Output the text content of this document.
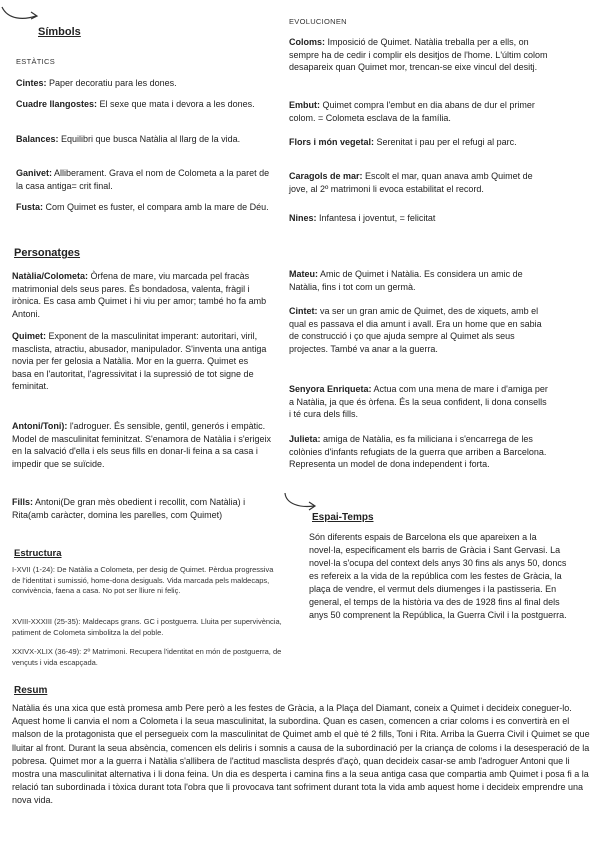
Símbols
ESTÀTICS
Cintes: Paper decoratiu para les dones.
Cuadre llangostes: El sexe que mata i devora a les dones.
Balances: Equilibri que busca Natàlia al llarg de la vida.
Ganivet: Alliberament. Grava el nom de Colometa a la paret de la casa antiga= crit final.
Fusta: Com Quimet es fuster, el compara amb la mare de Déu.
EVOLUCIONEN
Coloms: Imposició de Quimet. Natàlia treballa per a ells, on sempre ha de cedir i complir els desitjos de l'home. L'últim colom desapareix quan Quimet mor, trencan-se eixe vincul del desitj.
Embut: Quimet compra l'embut en dia abans de dur el primer colom. = Colometa esclava de la família.
Flors i món vegetal: Serenitat i pau per el refugi al parc.
Caragols de mar: Escolt el mar, quan anava amb Quimet de jove, al 2º matrimoni li evoca estabilitat el record.
Nines: Infantesa i joventut, = felicitat
Personatges
Natàlia/Colometa: Òrfena de mare, viu marcada pel fracàs matrimonial dels seus pares. És bondadosa, valenta, fràgil i irònica. Es casa amb Quimet i hi viu per amor; també ho fa amb Antoni.
Quimet: Exponent de la masculinitat imperant: autoritari, viril, masclista, atractiu, abusador, manipulador. S'inventa una antiga novia per fer gelosia a Natàlia. Mor en la guerra. Quimet es basa en l'autoritat, l'agressivitat i la supressió de tot signe de feminitat.
Antoni/Toni): l'adroguer. És sensible, gentil, generós i empàtic. Model de masculinitat feminitzat. S'enamora de Natàlia i s'erigeix en la salvació d'ella i els seus fills en donar-li feina a sa casa i impedir que se suïcide.
Fills: Antoni(De gran mès obedient i recollit, com Natàlia) i Rita(amb caràcter, domina les parelles, com Quimet)
Mateu: Amic de Quimet i Natàlia. Es considera un amic de Natàlia, fins i tot com un germà.
Cintet: va ser un gran amic de Quimet, des de xiquets, amb el qual es passava el dia amunt i avall. Era un home que en sabia de construcció i ço que ajuda sempre al Quimet als seus projectes. També va anar a la guerra.
Senyora Enriqueta: Actua com una mena de mare i d'amiga per a Natàlia, ja que és òrfena. És la seua confident, li dona consells i té cura dels fills.
Julieta: amiga de Natàlia, es fa miliciana i s'encarrega de les colònies d'infants refugiats de la guerra que arriben a Barcelona. Representa un model de dona independent i forta.
Estructura
I-XVII (1-24): De Natàlia a Colometa, per desig de Quimet. Pèrdua progressiva de l'identitat i sumissió, home-dona desiguals. Vida marcada pels maldecaps, convivència, faena a casa. No pot ser lliure ni feliç.
XVIII-XXXIII (25-35): Maldecaps grans. GC i postguerra. Lluita per supervivència, patiment de Colometa simbolitza la del poble.
XXIVX-XLIX (36-49): 2º Matrimoni. Recupera l'identitat en món de postguerra, de vençuts i vida escapçada.
Espai-Temps
Són diferents espais de Barcelona els que apareixen a la novel·la, especificament els barris de Gràcia i Sant Gervasi. La novel·la s'ocupa del context dels anys 30 fins als anys 50, doncs es refereix a la vida de la república com les festes de Gràcia, la plaça de vendre, el vermut dels diumenges i la pastisseria. En general, el temps de la història va des de 1928 fins al final dels anys 50 comprenent la República, la Guerra Civil i la postguerra.
Resum
Natàlia és una xica que està promesa amb Pere però a les festes de Gràcia, a la Plaça del Diamant, coneix a Quimet i decideix coneguer-lo. Aquest home li canvia el nom a Colometa i la seua masculinitat, la subordina. Quan es casen, comencen a criar coloms i es convertirà en el malson de la protagonista que el persegueix com la masculinitat de Quimet amb el què té 2 fills, Toni i Rita. Arriba la Guerra Civil i Quimet se que lluitar al front. Durant la seua absència, comencen els deliris i somnis a causa de la subordinació per la criança de coloms i la desesperació de la pobresa. Quimet mor a la guerra i Natàlia s'allibera de l'actitud masclista després d'açò, quan decideix casar-se amb l'adroguer Antoni que li mostra una masculinitat alternativa i li dona feina. Un dia es desperta i camina fins a la seua antiga casa que compartia amb Quimet i posa fi a la relació tan subordinada i tòxica durant tota l'obra que li provocava tant sofriment durant tota la vida amb aquest home i decideix emprendre una nova vida.
